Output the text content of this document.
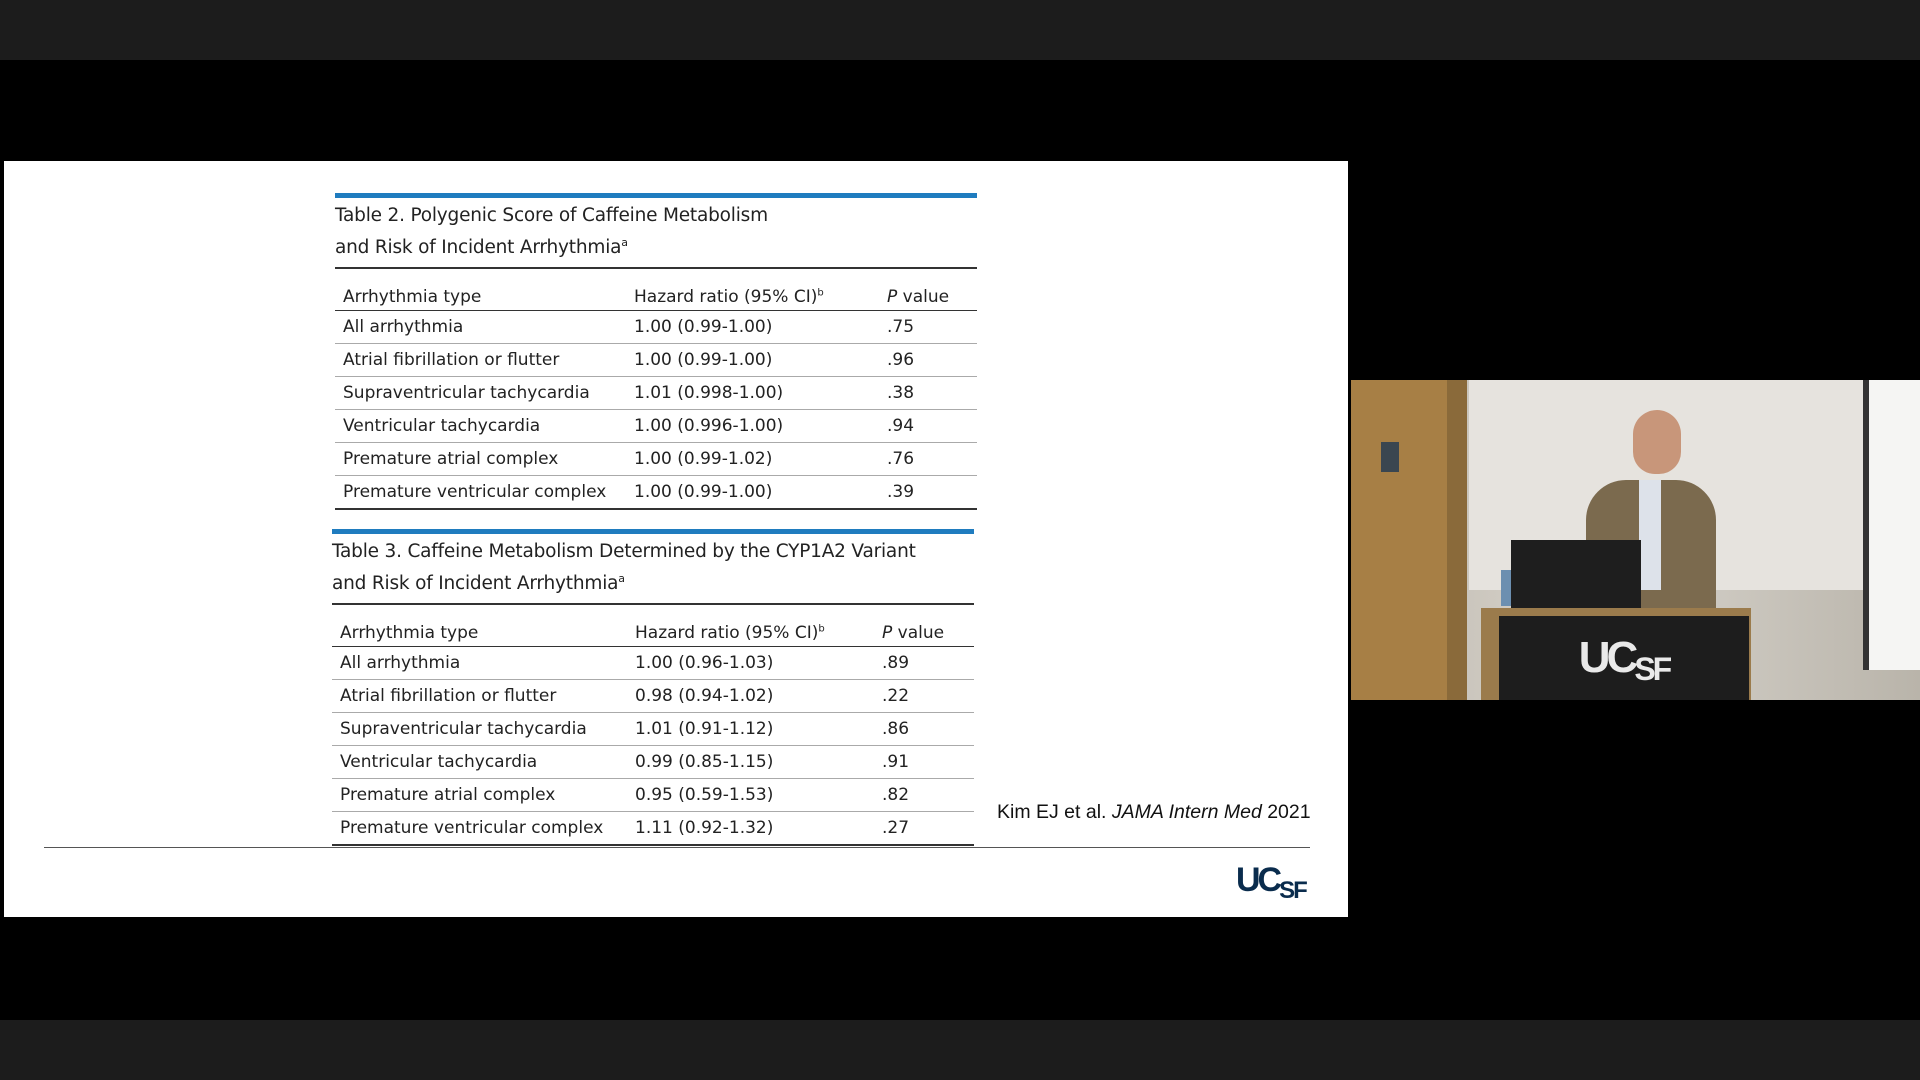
Table 2. Polygenic Score of Caffeine Metabolism
and Risk of Incident Arrhythmia$^a$
Arrhythmia type	Hazard ratio (95% CI)$^b$	P value
All arrhythmia	1.00 (0.99-1.00)	.75
Atrial fibrillation or flutter	1.00 (0.99-1.00)	.96
Supraventricular tachycardia	1.01 (0.998-1.00)	.38
Ventricular tachycardia	1.00 (0.996-1.00)	.94
Premature atrial complex	1.00 (0.99-1.02)	.76
Premature ventricular complex	1.00 (0.99-1.00)	.39
Table 3. Caffeine Metabolism Determined by the CYP1A2 Variant
and Risk of Incident Arrhythmia$^a$
Arrhythmia type	Hazard ratio (95% CI)$^b$	P value
All arrhythmia	1.00 (0.96-1.03)	.89
Atrial fibrillation or flutter	0.98 (0.94-1.02)	.22
Supraventricular tachycardia	1.01 (0.91-1.12)	.86
Ventricular tachycardia	0.99 (0.85-1.15)	.91
Premature atrial complex	0.95 (0.59-1.53)	.82
Premature ventricular complex	1.11 (0.92-1.32)	.27
Kim EJ et al. JAMA Intern Med 2021
$UC_{SF}$
UCSF
